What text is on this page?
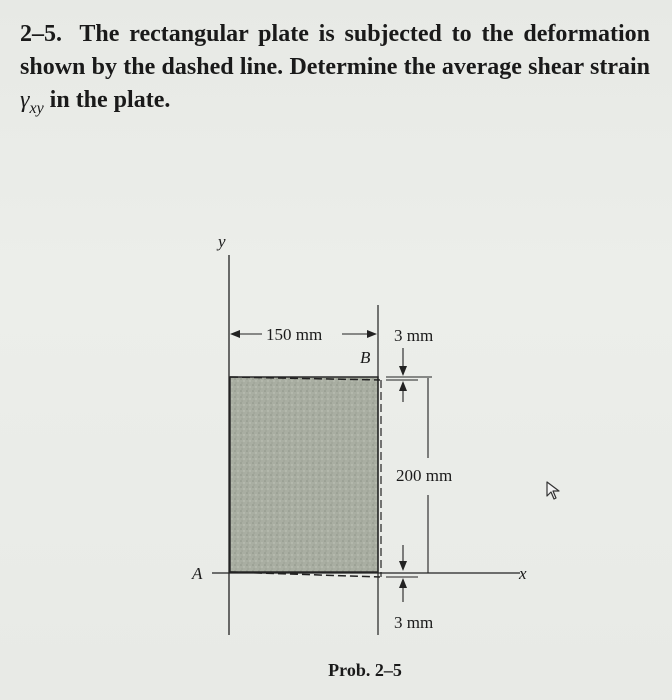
2–5. The rectangular plate is subjected to the deformation shown by the dashed line. Determine the average shear strain $\gamma_{xy}$ in the plate.
y
x
A
B
150 mm	3 mm
200 mm
3 mm
Prob. 2–5
